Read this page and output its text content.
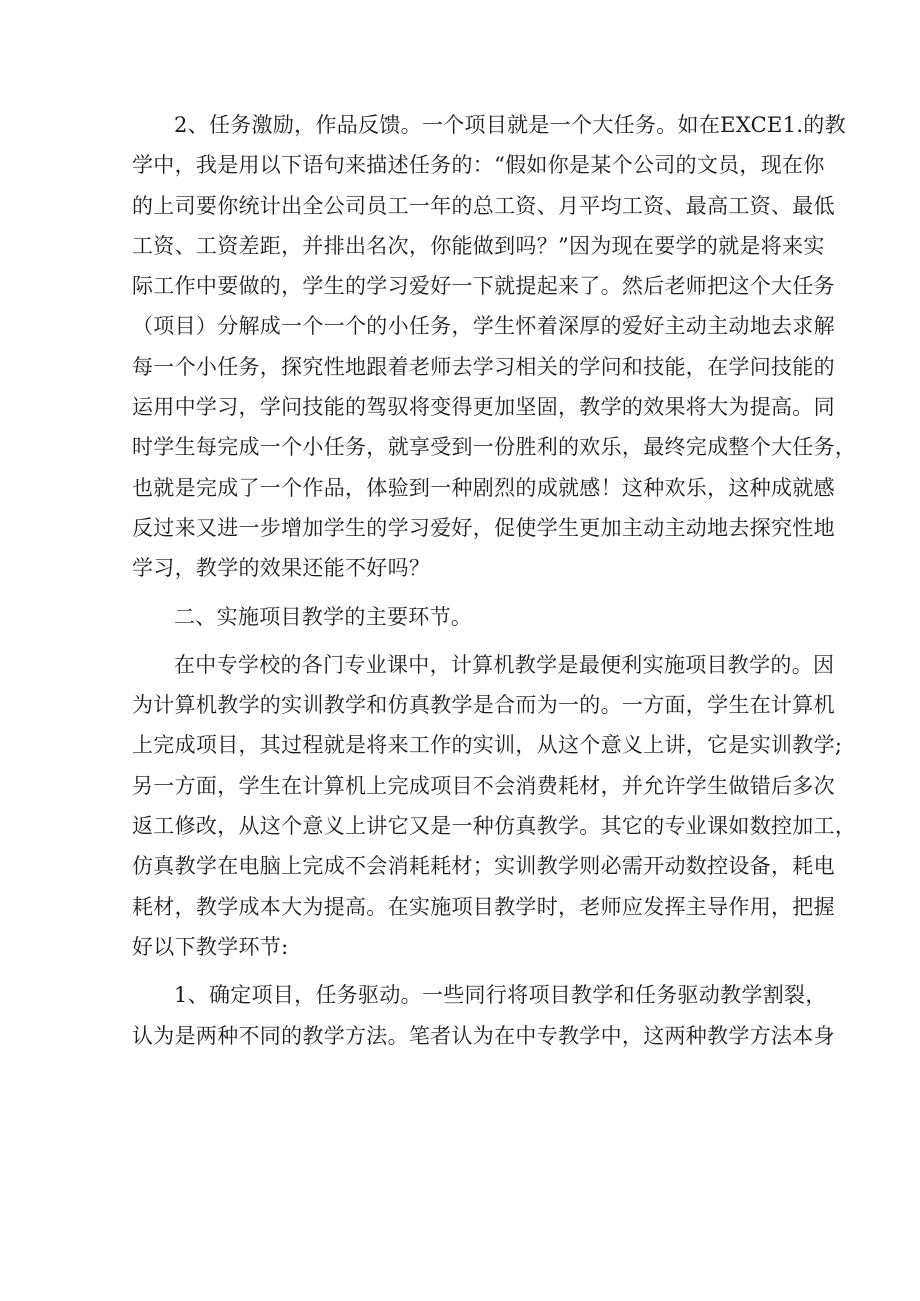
2、任务激励，作品反馈。一个项目就是一个大任务。如在EXCE1.的教
学中，我是用以下语句来描述任务的：“假如你是某个公司的文员，现在你
的上司要你统计出全公司员工一年的总工资、月平均工资、最高工资、最低
工资、工资差距，并排出名次，你能做到吗？”因为现在要学的就是将来实
际工作中要做的，学生的学习爱好一下就提起来了。然后老师把这个大任务
（项目）分解成一个一个的小任务，学生怀着深厚的爱好主动主动地去求解
每一个小任务，探究性地跟着老师去学习相关的学问和技能，在学问技能的
运用中学习，学问技能的驾驭将变得更加坚固，教学的效果将大为提高。同
时学生每完成一个小任务，就享受到一份胜利的欢乐，最终完成整个大任务，
也就是完成了一个作品，体验到一种剧烈的成就感！这种欢乐，这种成就感
反过来又进一步增加学生的学习爱好，促使学生更加主动主动地去探究性地
学习，教学的效果还能不好吗？
二、实施项目教学的主要环节。
在中专学校的各门专业课中，计算机教学是最便利实施项目教学的。因
为计算机教学的实训教学和仿真教学是合而为一的。一方面，学生在计算机
上完成项目，其过程就是将来工作的实训，从这个意义上讲，它是实训教学;
另一方面，学生在计算机上完成项目不会消费耗材，并允许学生做错后多次
返工修改，从这个意义上讲它又是一种仿真教学。其它的专业课如数控加工，
仿真教学在电脑上完成不会消耗耗材；实训教学则必需开动数控设备，耗电
耗材，教学成本大为提高。在实施项目教学时，老师应发挥主导作用，把握
好以下教学环节:
1、确定项目，任务驱动。一些同行将项目教学和任务驱动教学割裂，
认为是两种不同的教学方法。笔者认为在中专教学中，这两种教学方法本身
